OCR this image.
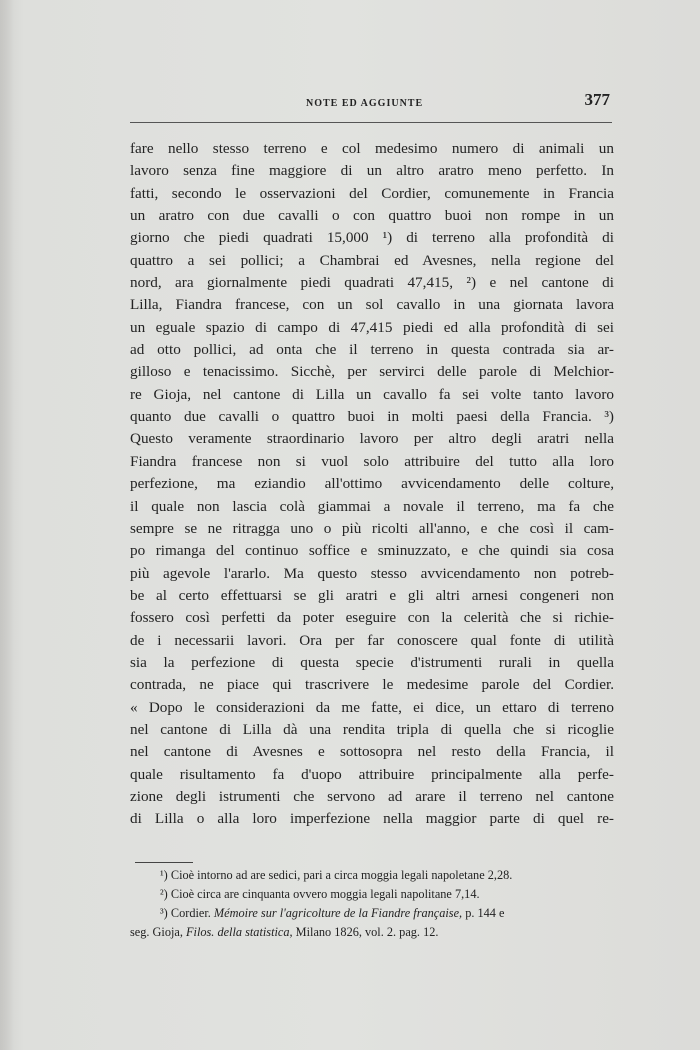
NOTE ED AGGIUNTE	377
fare nello stesso terreno e col medesimo numero di animali un
lavoro senza fine maggiore di un altro aratro meno perfetto. In
fatti, secondo le osservazioni del Cordier, comunemente in Francia
un aratro con due cavalli o con quattro buoi non rompe in un
giorno che piedi quadrati 15,000 ¹) di terreno alla profondità di
quattro a sei pollici; a Chambrai ed Avesnes, nella regione del
nord, ara giornalmente piedi quadrati 47,415, ²) e nel cantone di
Lilla, Fiandra francese, con un sol cavallo in una giornata lavora
un eguale spazio di campo di 47,415 piedi ed alla profondità di sei
ad otto pollici, ad onta che il terreno in questa contrada sia ar-
gilloso e tenacissimo. Sicchè, per servirci delle parole di Melchior-
re Gioja, nel cantone di Lilla un cavallo fa sei volte tanto lavoro
quanto due cavalli o quattro buoi in molti paesi della Francia. ³)
Questo veramente straordinario lavoro per altro degli aratri nella
Fiandra francese non si vuol solo attribuire del tutto alla loro
perfezione, ma eziandio all'ottimo avvicendamento delle colture,
il quale non lascia colà giammai a novale il terreno, ma fa che
sempre se ne ritragga uno o più ricolti all'anno, e che così il cam-
po rimanga del continuo soffice e sminuzzato, e che quindi sia cosa
più agevole l'ararlo. Ma questo stesso avvicendamento non potreb-
be al certo effettuarsi se gli aratri e gli altri arnesi congeneri non
fossero così perfetti da poter eseguire con la celerità che si richie-
de i necessarii lavori. Ora per far conoscere qual fonte di utilità
sia la perfezione di questa specie d'istrumenti rurali in quella
contrada, ne piace qui trascrivere le medesime parole del Cordier.
« Dopo le considerazioni da me fatte, ei dice, un ettaro di terreno
nel cantone di Lilla dà una rendita tripla di quella che si ricoglie
nel cantone di Avesnes e sottosopra nel resto della Francia, il
quale risultamento fa d'uopo attribuire principalmente alla perfe-
zione degli istrumenti che servono ad arare il terreno nel cantone
di Lilla o alla loro imperfezione nella maggior parte di quel re-
¹) Cioè intorno ad are sedici, pari a circa moggia legali napoletane 2,28.
²) Cioè circa are cinquanta ovvero moggia legali napolitane 7,14.
³) Cordier. Mémoire sur l'agricolture de la Fiandre française, p. 144 e
seg. Gioja, Filos. della statistica, Milano 1826, vol. 2. pag. 12.
